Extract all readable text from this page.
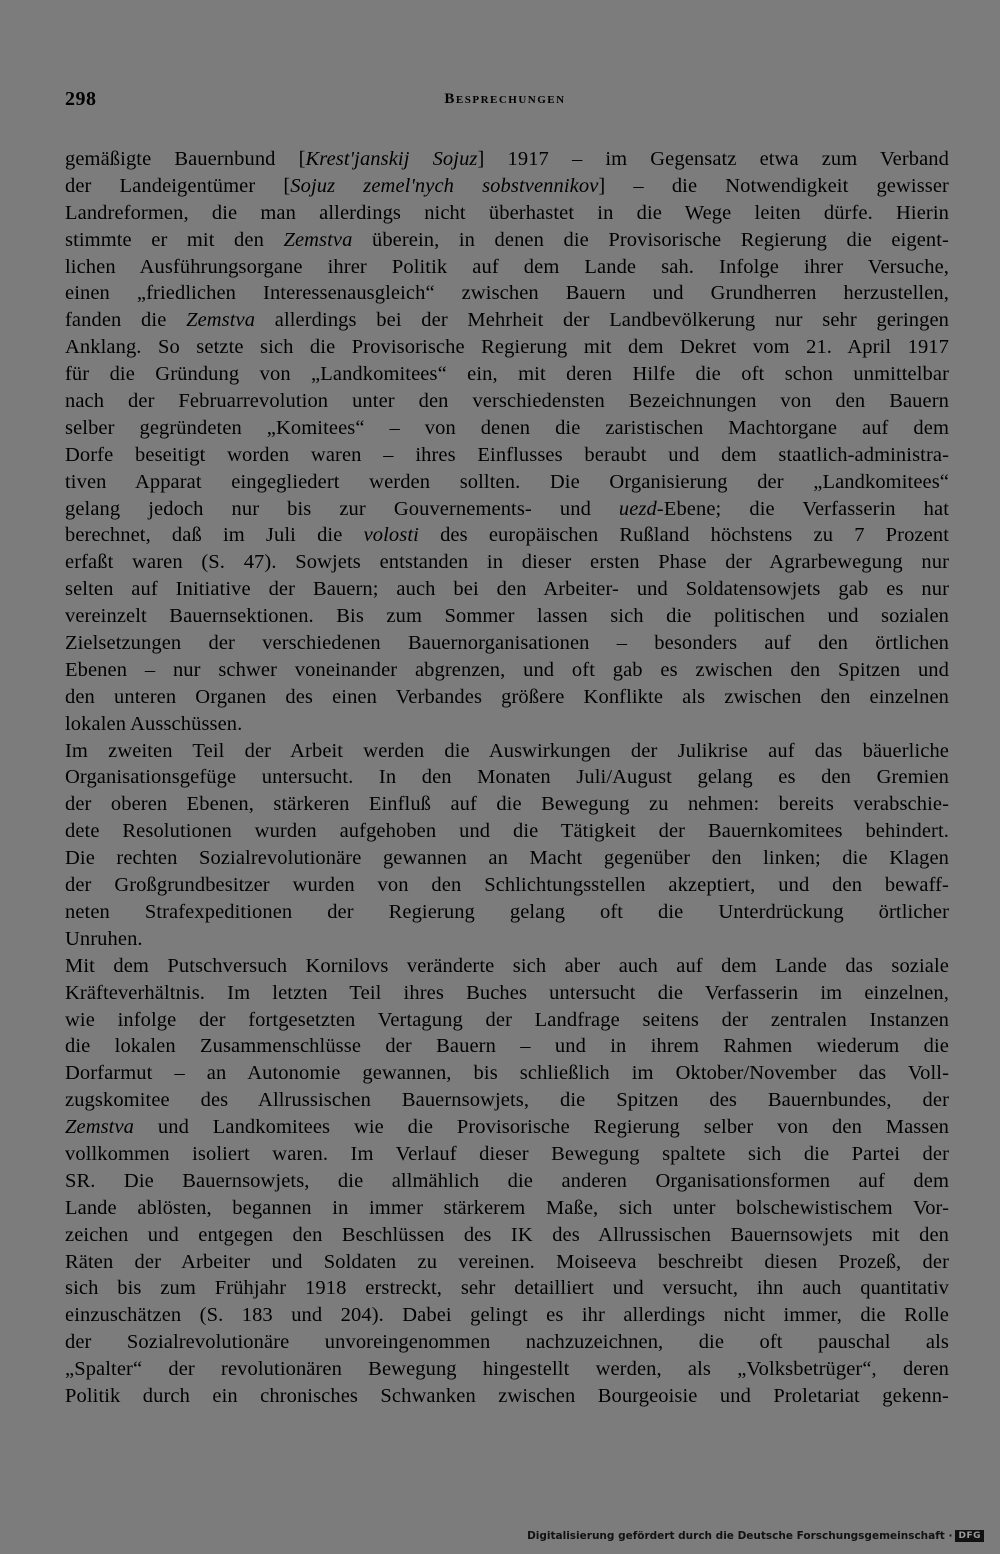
298	Besprechungen
gemäßigte Bauernbund [Krest'janskij Sojuz] 1917 – im Gegensatz etwa zum Verband
der Landeigentümer [Sojuz zemel'nych sobstvennikov] – die Notwendigkeit gewisser
Landreformen, die man allerdings nicht überhastet in die Wege leiten dürfe. Hierin
stimmte er mit den Zemstva überein, in denen die Provisorische Regierung die eigent-
lichen Ausführungsorgane ihrer Politik auf dem Lande sah. Infolge ihrer Versuche,
einen „friedlichen Interessenausgleich“ zwischen Bauern und Grundherren herzustellen,
fanden die Zemstva allerdings bei der Mehrheit der Landbevölkerung nur sehr geringen
Anklang. So setzte sich die Provisorische Regierung mit dem Dekret vom 21. April 1917
für die Gründung von „Landkomitees“ ein, mit deren Hilfe die oft schon unmittelbar
nach der Februarrevolution unter den verschiedensten Bezeichnungen von den Bauern
selber gegründeten „Komitees“ – von denen die zaristischen Machtorgane auf dem
Dorfe beseitigt worden waren – ihres Einflusses beraubt und dem staatlich-administra-
tiven Apparat eingegliedert werden sollten. Die Organisierung der „Landkomitees“
gelang jedoch nur bis zur Gouvernements- und uezd-Ebene; die Verfasserin hat
berechnet, daß im Juli die volosti des europäischen Rußland höchstens zu 7 Prozent
erfaßt waren (S. 47). Sowjets entstanden in dieser ersten Phase der Agrarbewegung nur
selten auf Initiative der Bauern; auch bei den Arbeiter- und Soldatensowjets gab es nur
vereinzelt Bauernsektionen. Bis zum Sommer lassen sich die politischen und sozialen
Zielsetzungen der verschiedenen Bauernorganisationen – besonders auf den örtlichen
Ebenen – nur schwer voneinander abgrenzen, und oft gab es zwischen den Spitzen und
den unteren Organen des einen Verbandes größere Konflikte als zwischen den einzelnen
lokalen Ausschüssen.
Im zweiten Teil der Arbeit werden die Auswirkungen der Julikrise auf das bäuerliche
Organisationsgefüge untersucht. In den Monaten Juli/August gelang es den Gremien
der oberen Ebenen, stärkeren Einfluß auf die Bewegung zu nehmen: bereits verabschie-
dete Resolutionen wurden aufgehoben und die Tätigkeit der Bauernkomitees behindert.
Die rechten Sozialrevolutionäre gewannen an Macht gegenüber den linken; die Klagen
der Großgrundbesitzer wurden von den Schlichtungsstellen akzeptiert, und den bewaff-
neten Strafexpeditionen der Regierung gelang oft die Unterdrückung örtlicher
Unruhen.
Mit dem Putschversuch Kornilovs veränderte sich aber auch auf dem Lande das soziale
Kräfteverhältnis. Im letzten Teil ihres Buches untersucht die Verfasserin im einzelnen,
wie infolge der fortgesetzten Vertagung der Landfrage seitens der zentralen Instanzen
die lokalen Zusammenschlüsse der Bauern – und in ihrem Rahmen wiederum die
Dorfarmut – an Autonomie gewannen, bis schließlich im Oktober/November das Voll-
zugskomitee des Allrussischen Bauernsowjets, die Spitzen des Bauernbundes, der
Zemstva und Landkomitees wie die Provisorische Regierung selber von den Massen
vollkommen isoliert waren. Im Verlauf dieser Bewegung spaltete sich die Partei der
SR. Die Bauernsowjets, die allmählich die anderen Organisationsformen auf dem
Lande ablösten, begannen in immer stärkerem Maße, sich unter bolschewistischem Vor-
zeichen und entgegen den Beschlüssen des IK des Allrussischen Bauernsowjets mit den
Räten der Arbeiter und Soldaten zu vereinen. Moiseeva beschreibt diesen Prozeß, der
sich bis zum Frühjahr 1918 erstreckt, sehr detailliert und versucht, ihn auch quantitativ
einzuschätzen (S. 183 und 204). Dabei gelingt es ihr allerdings nicht immer, die Rolle
der Sozialrevolutionäre unvoreingenommen nachzuzeichnen, die oft pauschal als
„Spalter“ der revolutionären Bewegung hingestellt werden, als „Volksbetrüger“, deren
Politik durch ein chronisches Schwanken zwischen Bourgeoisie und Proletariat gekenn-
Digitalisierung gefördert durch die Deutsche Forschungsgemeinschaft · DFG
